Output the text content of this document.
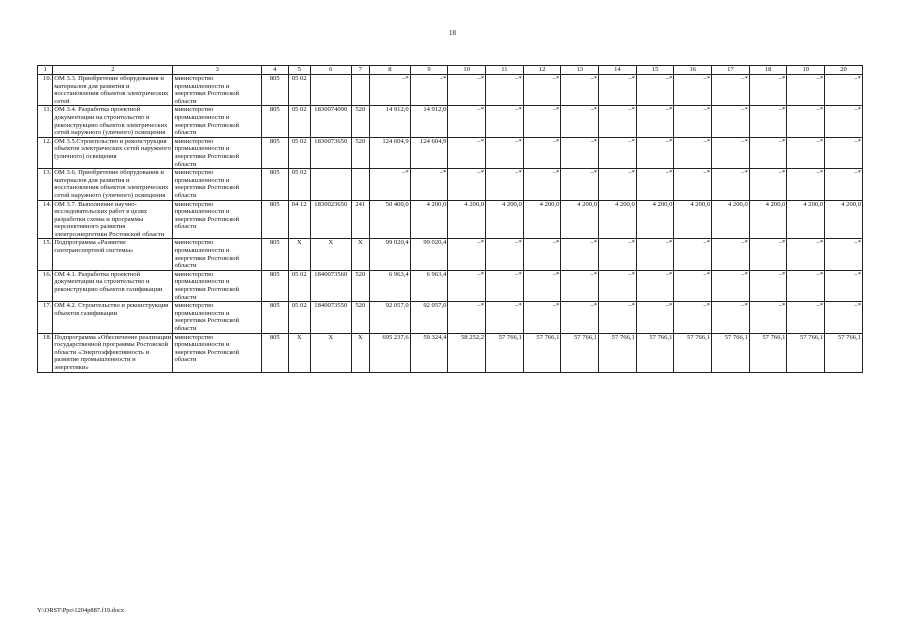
18
1	2	3	4	5	6	7	8	9	10	11	12	13	14	15	16	17	18	19	20
10.	ОМ 3.3. Приобретение оборудования и материалов для развития и восстановления объектов электрических сетей	министерство промышленности и энергетики Ростовской области	805	05 02			–*	–*	–*	–*	–*	–*	–*	–*	–*	–*	–*	–*	–*
11.	ОМ 3.4. Разработка проектной документации на строительство и реконструкцию объектов электрических сетей наружного (уличного) освещения	министерство промышленности и энергетики Ростовской области	805	05 02	1830074090	520	14 912,0	14 912,0	–*	–*	–*	–*	–*	–*	–*	–*	–*	–*	–*
12.	ОМ 3.5.Строительство и реконструкция объектов электрических сетей наружного (уличного) освещения	министерство промышленности и энергетики Ростовской области	805	05 02	1830073650	520	124 604,9	124 604,9	–*	–*	–*	–*	–*	–*	–*	–*	–*	–*	–*
13.	ОМ 3.6. Приобретение оборудования и материалов для развития и восстановления объектов электрических сетей наружного (уличного) освещения	министерство промышленности и энергетики Ростовской области	805	05 02			–*	–*	–*	–*	–*	–*	–*	–*	–*	–*	–*	–*	–*
14.	ОМ 3.7. Выполнение научно-исследовательских работ в целях разработки схемы и программы перспективного развития электроэнергетики Ростовской области	министерство промышленности и энергетики Ростовской области	805	04 12	1830023650	241	50 400,0	4 200,0	4 200,0	4 200,0	4 200,0	4 200,0	4 200,0	4 200,0	4 200,0	4 200,0	4 200,0	4 200,0	4 200,0
15.	Подпрограмма «Развитие газотранспортной системы»	министерство промышленности и энергетики Ростовской области	805	X	X	X	99 020,4	99 020,4	–*	–*	–*	–*	–*	–*	–*	–*	–*	–*	–*
16.	ОМ 4.1. Разработка проектной документации на строительство и реконструкцию объектов газификации	министерство промышленности и энергетики Ростовской области	805	05 02	1840073560	520	6 963,4	6 963,4	–*	–*	–*	–*	–*	–*	–*	–*	–*	–*	–*
17.	ОМ 4.2. Строительство и реконструкция объектов газификации	министерство промышленности и энергетики Ростовской области	805	05 02	1840073550	520	92 057,0	92 057,0	–*	–*	–*	–*	–*	–*	–*	–*	–*	–*	–*
18.	Подпрограмма «Обеспечение реализации государственной программы Ростовской области «Энергоэффективность и развитие промышленности и энергетики»	министерство промышленности и энергетики Ростовской области	805	X	X	X	695 237,6	59 324,4	58 252,2	57 766,1	57 766,1	57 766,1	57 766,1	57 766,1	57 766,1	57 766,1	57 766,1	57 766,1	57 766,1
Y:\ORST\Ppo\1204p887.f19.docx
